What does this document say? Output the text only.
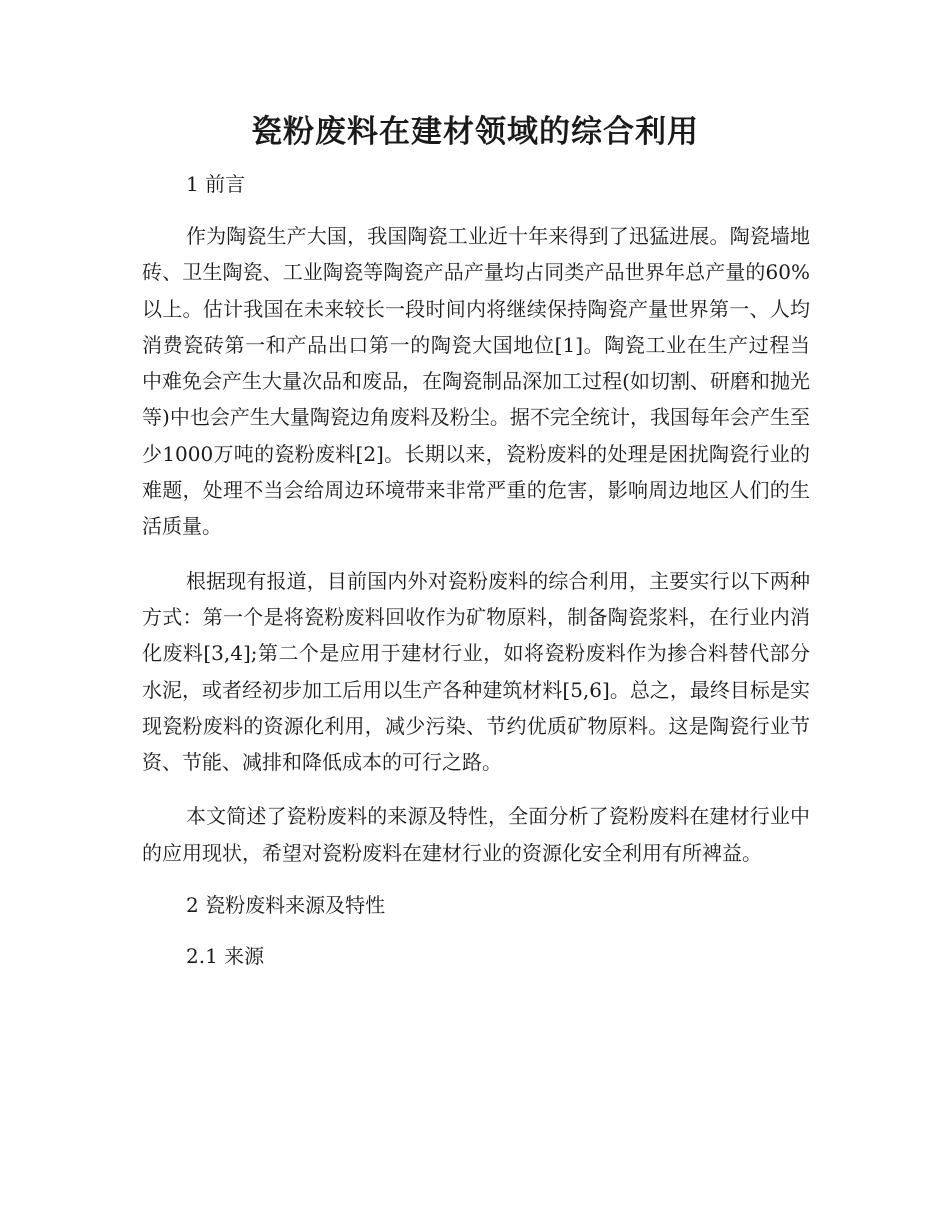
瓷粉废料在建材领域的综合利用
1 前言

作为陶瓷生产大国，我国陶瓷工业近十年来得到了迅猛进展。陶瓷墙地砖、卫生陶瓷、工业陶瓷等陶瓷产品产量均占同类产品世界年总产量的60%以上。估计我国在未来较长一段时间内将继续保持陶瓷产量世界第一、人均消费瓷砖第一和产品出口第一的陶瓷大国地位[1]。陶瓷工业在生产过程当中难免会产生大量次品和废品，在陶瓷制品深加工过程(如切割、研磨和抛光等)中也会产生大量陶瓷边角废料及粉尘。据不完全统计，我国每年会产生至少1000万吨的瓷粉废料[2]。长期以来，瓷粉废料的处理是困扰陶瓷行业的难题，处理不当会给周边环境带来非常严重的危害，影响周边地区人们的生活质量。

根据现有报道，目前国内外对瓷粉废料的综合利用，主要实行以下两种方式：第一个是将瓷粉废料回收作为矿物原料，制备陶瓷浆料，在行业内消化废料[3,4];第二个是应用于建材行业，如将瓷粉废料作为掺合料替代部分水泥，或者经初步加工后用以生产各种建筑材料[5,6]。总之，最终目标是实现瓷粉废料的资源化利用，减少污染、节约优质矿物原料。这是陶瓷行业节资、节能、减排和降低成本的可行之路。

本文简述了瓷粉废料的来源及特性，全面分析了瓷粉废料在建材行业中的应用现状，希望对瓷粉废料在建材行业的资源化安全利用有所裨益。

2 瓷粉废料来源及特性
2.1 来源
